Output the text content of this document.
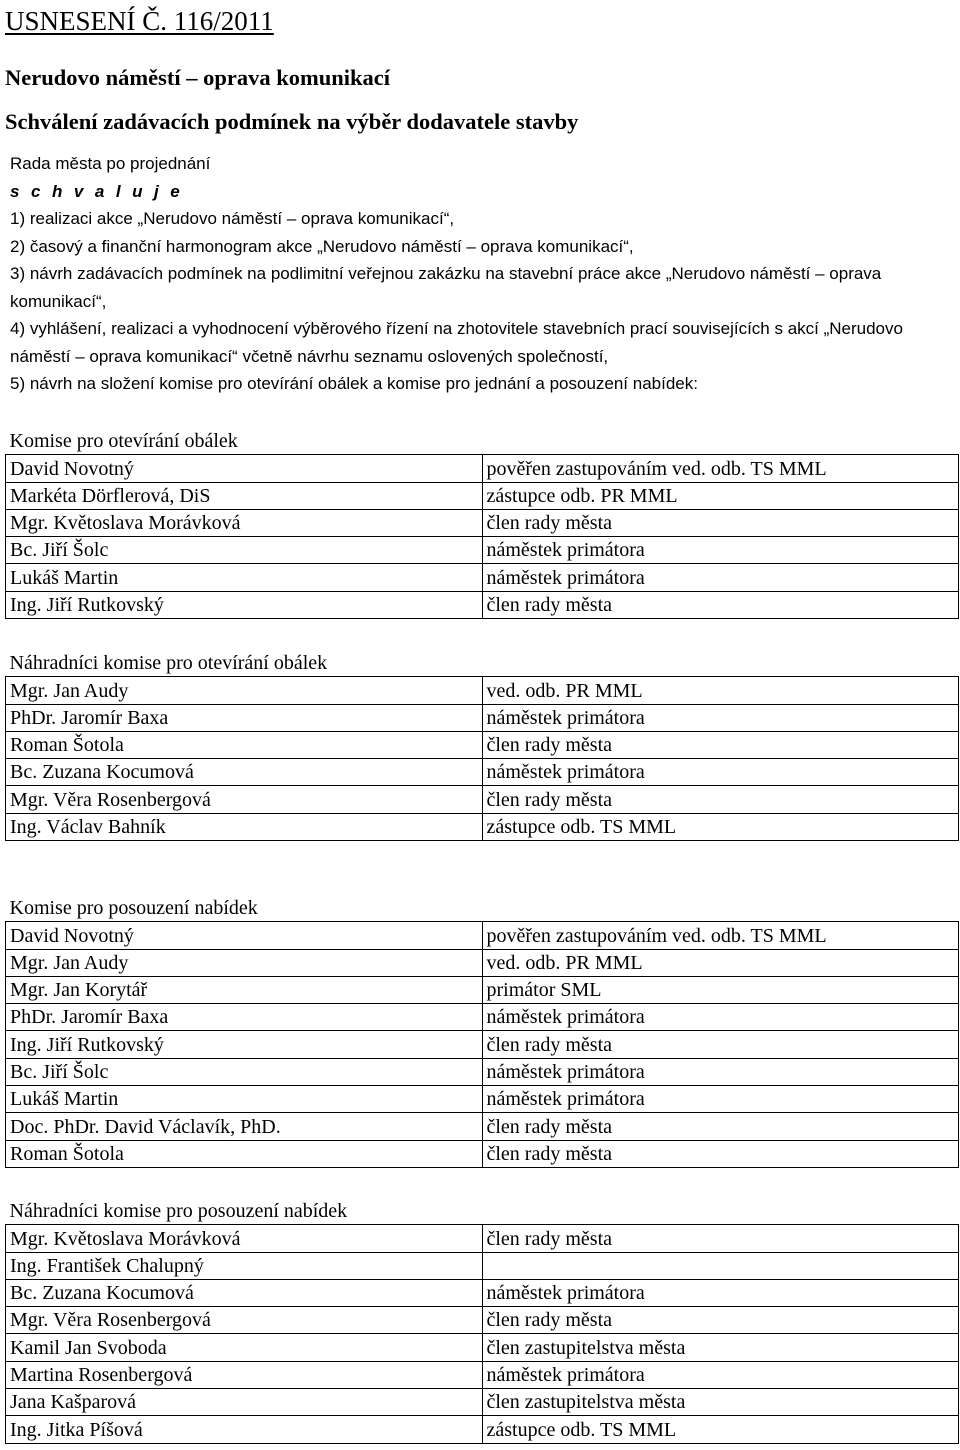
USNESENÍ Č. 116/2011
Nerudovo náměstí – oprava komunikací
Schválení zadávacích podmínek na výběr dodavatele stavby
Rada města po projednání
s c h v a l u j e
1) realizaci akce „Nerudovo náměstí – oprava komunikací“,
2) časový a finanční harmonogram akce „Nerudovo náměstí – oprava komunikací“,
3) návrh zadávacích podmínek na podlimitní veřejnou zakázku na stavební práce akce „Nerudovo náměstí – oprava komunikací“,
4) vyhlášení, realizaci a vyhodnocení výběrového řízení na zhotovitele stavebních prací souvisejících s akcí „Nerudovo náměstí – oprava komunikací“ včetně návrhu seznamu oslovených společností,
5) návrh na složení komise pro otevírání obálek a komise pro jednání a posouzení nabídek:
Komise pro otevírání obálek	
David Novotný	pověřen zastupováním ved. odb. TS MML
Markéta Dörflerová, DiS	zástupce odb. PR MML
Mgr. Květoslava Morávková	člen rady města
Bc. Jiří Šolc	náměstek primátora
Lukáš Martin	náměstek primátora
Ing. Jiří Rutkovský	člen rady města
Náhradníci komise pro otevírání obálek	
Mgr. Jan Audy	ved. odb. PR MML
PhDr. Jaromír Baxa	náměstek primátora
Roman Šotola	člen rady města
Bc. Zuzana Kocumová	náměstek primátora
Mgr. Věra Rosenbergová	člen rady města
Ing. Václav Bahník	zástupce odb. TS MML
Komise pro posouzení nabídek	
David Novotný	pověřen zastupováním ved. odb. TS MML
Mgr. Jan Audy	ved. odb. PR MML
Mgr. Jan Korytář	primátor SML
PhDr. Jaromír Baxa	náměstek primátora
Ing. Jiří Rutkovský	člen rady města
Bc. Jiří Šolc	náměstek primátora
Lukáš Martin	náměstek primátora
Doc. PhDr. David Václavík, PhD.	člen rady města
Roman Šotola	člen rady města
Náhradníci komise pro posouzení nabídek	
Mgr. Květoslava Morávková	člen rady města
Ing. František Chalupný	
Bc. Zuzana Kocumová	náměstek primátora
Mgr. Věra Rosenbergová	člen rady města
Kamil Jan Svoboda	člen zastupitelstva města
Martina Rosenbergová	náměstek primátora
Jana Kašparová	člen zastupitelstva města
Ing. Jitka Píšová	zástupce odb. TS MML
